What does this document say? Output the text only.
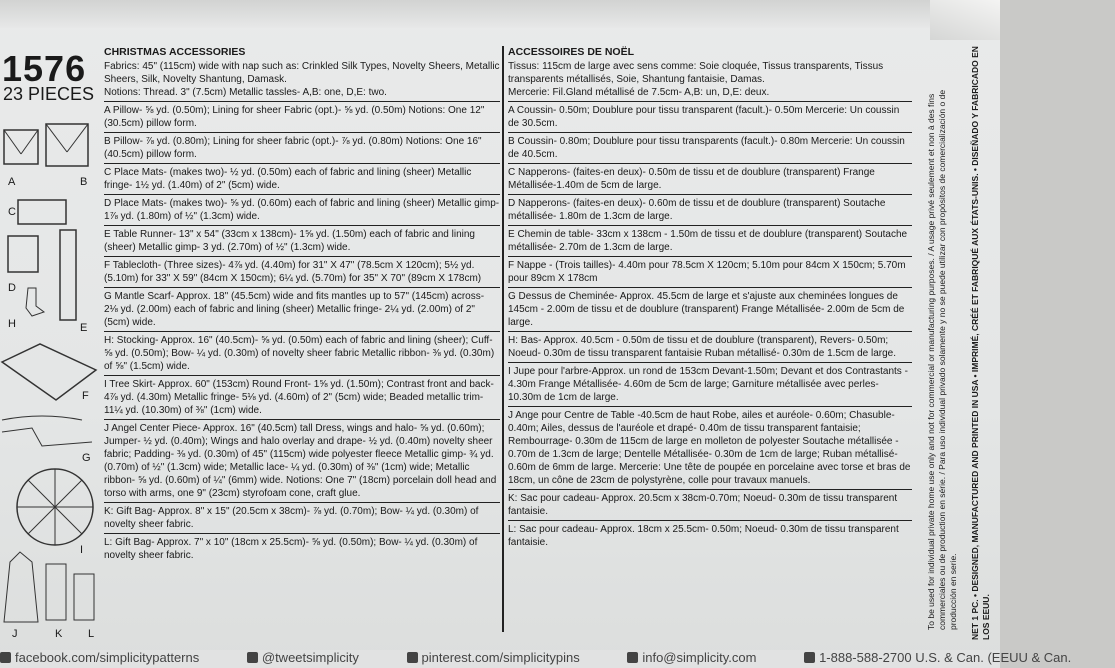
1576
23 PIECES
A	B
C
D
E
H
G
F
I
J	K L
CHRISTMAS ACCESSORIES
Fabrics: 45" (115cm) wide with nap such as: Crinkled Silk Types, Novelty Sheers, Metallic Sheers, Silk, Novelty Shantung, Damask.
Notions: Thread. 3" (7.5cm) Metallic tassles- A,B: one, D,E: two.
A Pillow- ⅝ yd. (0.50m); Lining for sheer Fabric (opt.)- ⅝ yd. (0.50m) Notions: One 12" (30.5cm) pillow form.
B Pillow- ⅞ yd. (0.80m); Lining for sheer fabric (opt.)- ⅞ yd. (0.80m) Notions: One 16" (40.5cm) pillow form.
C Place Mats- (makes two)- ½ yd. (0.50m) each of fabric and lining (sheer) Metallic fringe- 1½ yd. (1.40m) of 2" (5cm) wide.
D Place Mats- (makes two)- ⅝ yd. (0.60m) each of fabric and lining (sheer) Metallic gimp- 1⅞ yd. (1.80m) of ½" (1.3cm) wide.
E Table Runner- 13" x 54" (33cm x 138cm)- 1⅝ yd. (1.50m) each of fabric and lining (sheer) Metallic gimp- 3 yd. (2.70m) of ½" (1.3cm) wide.
F Tablecloth- (Three sizes)- 4⅞ yd. (4.40m) for 31" X 47" (78.5cm X 120cm); 5½ yd. (5.10m) for 33" X 59" (84cm X 150cm); 6¼ yd. (5.70m) for 35" X 70" (89cm X 178cm)
G Mantle Scarf- Approx. 18" (45.5cm) wide and fits mantles up to 57" (145cm) across- 2⅛ yd. (2.00m) each of fabric and lining (sheer) Metallic fringe- 2¼ yd. (2.00m) of 2" (5cm) wide.
H: Stocking- Approx. 16" (40.5cm)- ⅝ yd. (0.50m) each of fabric and lining (sheer); Cuff- ⅝ yd. (0.50m); Bow- ¼ yd. (0.30m) of novelty sheer fabric Metallic ribbon- ⅜ yd. (0.30m) of ⅝" (1.5cm) wide.
I Tree Skirt- Approx. 60" (153cm) Round Front- 1⅝ yd. (1.50m); Contrast front and back- 4⅞ yd. (4.30m) Metallic fringe- 5⅛ yd. (4.60m) of 2" (5cm) wide; Beaded metallic trim- 11¼ yd. (10.30m) of ⅜" (1cm) wide.
J Angel Center Piece- Approx. 16" (40.5cm) tall Dress, wings and halo- ⅝ yd. (0.60m); Jumper- ½ yd. (0.40m); Wings and halo overlay and drape- ½ yd. (0.40m) novelty sheer fabric; Padding- ⅜ yd. (0.30m) of 45" (115cm) wide polyester fleece Metallic gimp- ¾ yd. (0.70m) of ½" (1.3cm) wide; Metallic lace- ¼ yd. (0.30m) of ⅜" (1cm) wide; Metallic ribbon- ⅝ yd. (0.60m) of ¼" (6mm) wide. Notions: One 7" (18cm) porcelain doll head and torso with arms, one 9" (23cm) styrofoam cone, craft glue.
K: Gift Bag- Approx. 8" x 15" (20.5cm x 38cm)- ⅞ yd. (0.70m); Bow- ¼ yd. (0.30m) of novelty sheer fabric.
L: Gift Bag- Approx. 7" x 10" (18cm x 25.5cm)- ⅝ yd. (0.50m); Bow- ¼ yd. (0.30m) of novelty sheer fabric.
ACCESSOIRES DE NOËL
Tissus: 115cm de large avec sens comme: Soie cloquée, Tissus transparents, Tissus transparents métallisés, Soie, Shantung fantaisie, Damas.
Mercerie: Fil.Gland métallisé de 7.5cm- A,B: un, D,E: deux.
A Coussin- 0.50m; Doublure pour tissu transparent (facult.)- 0.50m Mercerie: Un coussin de 30.5cm.
B Coussin- 0.80m; Doublure pour tissu transparents (facult.)- 0.80m Mercerie: Un coussin de 40.5cm.
C Napperons- (faites-en deux)- 0.50m de tissu et de doublure (transparent) Frange Métallisée-1.40m de 5cm de large.
D Napperons- (faites-en deux)- 0.60m de tissu et de doublure (transparent) Soutache métallisée- 1.80m de 1.3cm de large.
E Chemin de table- 33cm x 138cm - 1.50m de tissu et de doublure (transparent) Soutache métallisée- 2.70m de 1.3cm de large.
F Nappe - (Trois tailles)- 4.40m pour 78.5cm X 120cm; 5.10m pour 84cm X 150cm; 5.70m pour 89cm X 178cm
G Dessus de Cheminée- Approx. 45.5cm de large et s'ajuste aux cheminées longues de 145cm - 2.00m de tissu et de doublure (transparent) Frange Métallisée- 2.00m de 5cm de large.
H: Bas- Approx. 40.5cm - 0.50m de tissu et de doublure (transparent), Revers- 0.50m; Noeud- 0.30m de tissu transparent fantaisie Ruban métallisé- 0.30m de 1.5cm de large.
I Jupe pour l'arbre-Approx. un rond de 153cm Devant-1.50m; Devant et dos Contrastants - 4.30m Frange Métallisée- 4.60m de 5cm de large; Garniture métallisée avec perles- 10.30m de 1cm de large.
J Ange pour Centre de Table -40.5cm de haut Robe, ailes et auréole- 0.60m; Chasuble- 0.40m; Ailes, dessus de l'auréole et drapé- 0.40m de tissu transparent fantaisie; Rembourrage- 0.30m de 115cm de large en molleton de polyester Soutache métallisée - 0.70m de 1.3cm de large; Dentelle Métallisée- 0.30m de 1cm de large; Ruban métallisé- 0.60m de 6mm de large. Mercerie: Une tête de poupée en porcelaine avec torse et bras de 18cm, un cône de 23cm de polystyrène, colle pour travaux manuels.
K: Sac pour cadeau- Approx. 20.5cm x 38cm-0.70m; Noeud- 0.30m de tissu transparent fantaisie.
L: Sac pour cadeau- Approx. 18cm x 25.5cm- 0.50m; Noeud- 0.30m de tissu transparent fantaisie.	To be used for individual private home use only and not for commercial or manufacturing purposes. / A usage privé seulement et non à des fins commerciales ou de production en série. / Para uso individual privado solamente y no se puede utilizar con propósitos de comercialización o de producción en serie. NET 1 PC. • DESIGNED, MANUFACTURED AND PRINTED IN USA • IMPRIMÉ, CRÉÉ ET FABRIQUÉ AUX ÉTATS-UNIS. • DISEÑADO Y FABRICADO EN LOS EEUU.
facebook.com/simplicitypatterns	@tweetsimplicity	pinterest.com/simplicitypins	info@simplicity.com	1-888-588-2700 U.S. & Can. (EEUU & Can.
